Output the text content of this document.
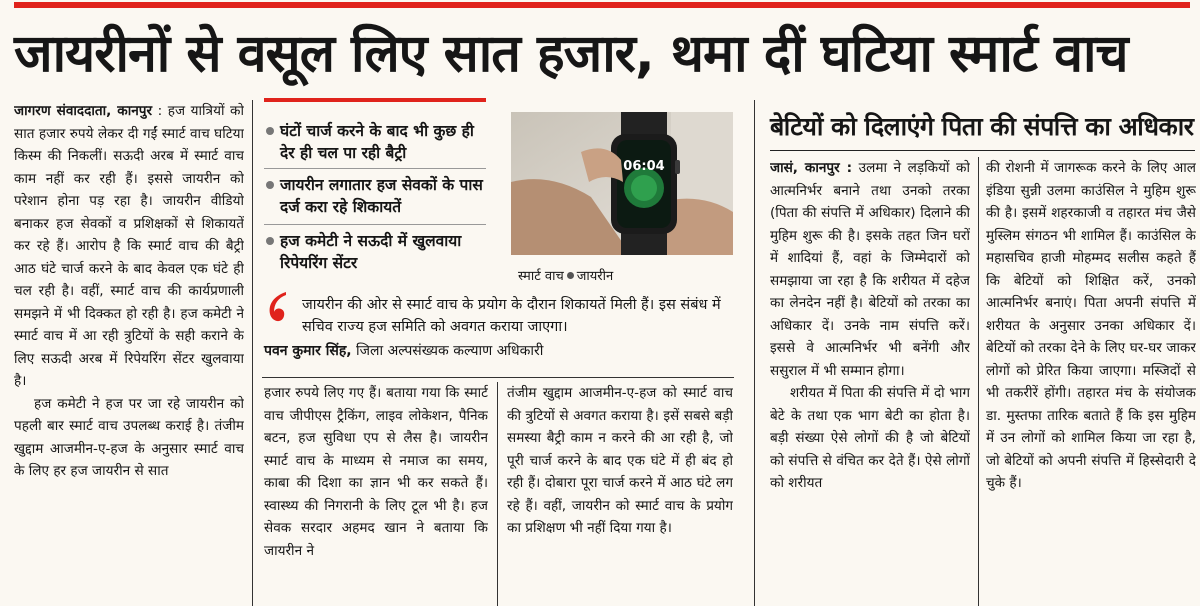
जायरीनों से वसूल लिए सात हजार, थमा दीं घटिया स्मार्ट वाच

जागरण संवाददाता, कानपुर : हज यात्रियों को सात हजार रुपये लेकर दी गईं स्मार्ट वाच घटिया किस्म की निकलीं। सऊदी अरब में स्मार्ट वाच काम नहीं कर रही हैं। इससे जायरीन को परेशान होना पड़ रहा है। जायरीन वीडियो बनाकर हज सेवकों व प्रशिक्षकों से शिकायतें कर रहे हैं। आरोप है कि स्मार्ट वाच की बैट्री आठ घंटे चार्ज करने के बाद केवल एक घंटे ही चल रही है। वहीं, स्मार्ट वाच की कार्यप्रणाली समझने में भी दिक्कत हो रही है। हज कमेटी ने स्मार्ट वाच में आ रही त्रुटियों के सही कराने के लिए सऊदी अरब में रिपेयरिंग सेंटर खुलवाया है।

हज कमेटी ने हज पर जा रहे जायरीन को पहली बार स्मार्ट वाच उपलब्ध कराई है। तंजीम खुद्दाम आजमीन-ए-हज के अनुसार स्मार्ट वाच के लिए हर हज जायरीन से सात

घंटों चार्ज करने के बाद भी कुछ ही देर ही चल पा रही बैट्री
जायरीन लगातार हज सेवकों के पास दर्ज करा रहे शिकायतें
हज कमेटी ने सऊदी में खुलवाया रिपेयरिंग सेंटर
06:04
स्मार्ट वाच जायरीन
जायरीन की ओर से स्मार्ट वाच के प्रयोग के दौरान शिकायतें मिली हैं। इस संबंध में सचिव राज्य हज समिति को अवगत कराया जाएगा।
पवन कुमार सिंह, जिला अल्पसंख्यक कल्याण अधिकारी

हजार रुपये लिए गए हैं। बताया गया कि स्मार्ट वाच जीपीएस ट्रैकिंग, लाइव लोकेशन, पैनिक बटन, हज सुविधा एप से लैस है। जायरीन स्मार्ट वाच के माध्यम से नमाज का समय, काबा की दिशा का ज्ञान भी कर सकते हैं। स्वास्थ्य की निगरानी के लिए टूल भी है। हज सेवक सरदार अहमद खान ने बताया कि जायरीन ने

तंजीम खुद्दाम आजमीन-ए-हज को स्मार्ट वाच की त्रुटियों से अवगत कराया है। इसें सबसे बड़ी समस्या बैट्री काम न करने की आ रही है, जो पूरी चार्ज करने के बाद एक घंटे में ही बंद हो रही हैं। दोबारा पूरा चार्ज करने में आठ घंटे लग रहे हैं। वहीं, जायरीन को स्मार्ट वाच के प्रयोग का प्रशिक्षण भी नहीं दिया गया है।

बेटियों को दिलाएंगे पिता की संपत्ति का अधिकार

जासं, कानपुर : उलमा ने लड़कियों को आत्मनिर्भर बनाने तथा उनको तरका (पिता की संपत्ति में अधिकार) दिलाने की मुहिम शुरू की है। इसके तहत जिन घरों में शादियां हैं, वहां के जिम्मेदारों को समझाया जा रहा है कि शरीयत में दहेज का लेनदेन नहीं है। बेटियों को तरका का अधिकार दें। उनके नाम संपत्ति करें। इससे वे आत्मनिर्भर भी बनेंगी और ससुराल में भी सम्मान होगा।

शरीयत में पिता की संपत्ति में दो भाग बेटे के तथा एक भाग बेटी का होता है। बड़ी संख्या ऐसे लोगों की है जो बेटियों को संपत्ति से वंचित कर देते हैं। ऐसे लोगों को शरीयत

की रोशनी में जागरूक करने के लिए आल इंडिया सुन्नी उलमा काउंसिल ने मुहिम शुरू की है। इसमें शहरकाजी व तहारत मंच जैसे मुस्लिम संगठन भी शामिल हैं। काउंसिल के महासचिव हाजी मोहम्मद सलीस कहते हैं कि बेटियों को शिक्षित करें, उनको आत्मनिर्भर बनाएं। पिता अपनी संपत्ति में शरीयत के अनुसार उनका अधिकार दें। बेटियों को तरका देने के लिए घर-घर जाकर लोगों को प्रेरित किया जाएगा। मस्जिदों से भी तकरीरें होंगी। तहारत मंच के संयोजक डा. मुस्तफा तारिक बताते हैं कि इस मुहिम में उन लोगों को शामिल किया जा रहा है, जो बेटियों को अपनी संपत्ति में हिस्सेदारी दे चुके हैं।
